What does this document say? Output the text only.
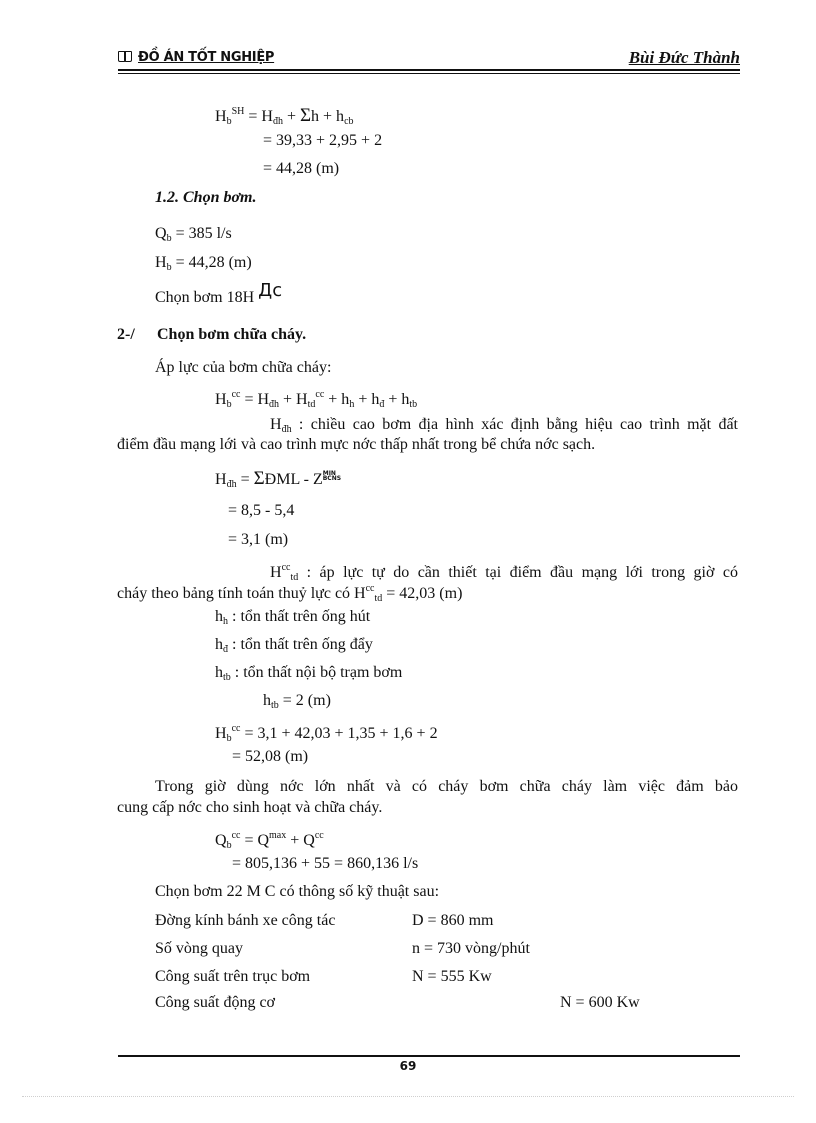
ĐỒ ÁN TỐT NGHIỆP	Bùi Đức Thành
$H_b^{SH} = H_{đh} + \Sigma h + h_{cb}$
= 39,33 + 2,95 + 2
= 44,28 (m)
1.2. Chọn bơm.
$Q_b = 385$ l/s
$H_b = 44,28$ (m)
Chọn bơm 18H Дс
2-/ Chọn bơm chữa cháy.
Áp lực của bơm chữa cháy:
$H_b^{cc} = H_{đh} + H_{td}^{cc} + h_h + h_đ + h_{tb}$
$H_{đh}$ : chiều cao bơm địa hình xác định bằng hiệu cao trình mặt đất
điểm đầu mạng lới và cao trình mực nớc thấp nhất trong bể chứa nớc sạch.
$H_{đh}$ = ΣĐML - Z MIN
BCNS
= 8,5 - 5,4
= 3,1 (m)
$H^{cc}_{td}$ : áp lực tự do cần thiết tại điểm đầu mạng lới trong giờ có
cháy theo bảng tính toán thuỷ lực có $H^{cc}_{td} = 42,03$ (m)
$h_h$ : tổn thất trên ống hút
$h_đ$ : tổn thất trên ống đẩy
$h_{tb}$ : tổn thất nội bộ trạm bơm
$h_{tb} = 2$ (m)
$H_b^{cc} = 3,1 + 42,03 + 1,35 + 1,6 + 2$
= 52,08 (m)
Trong giờ dùng nớc lớn nhất và có cháy bơm chữa cháy làm việc đảm bảo
cung cấp nớc cho sinh hoạt và chữa cháy.
$Q_b^{cc} = Q^{max} + Q^{cc}$
= 805,136 + 55 = 860,136 l/s
Chọn bơm 22 M C có thông số kỹ thuật sau:
Đờng kính bánh xe công tác	D = 860 mm
Số vòng quay	n = 730 vòng/phút
Công suất trên trục bơm	N = 555 Kw
Công suất động cơ	N = 600 Kw
69
